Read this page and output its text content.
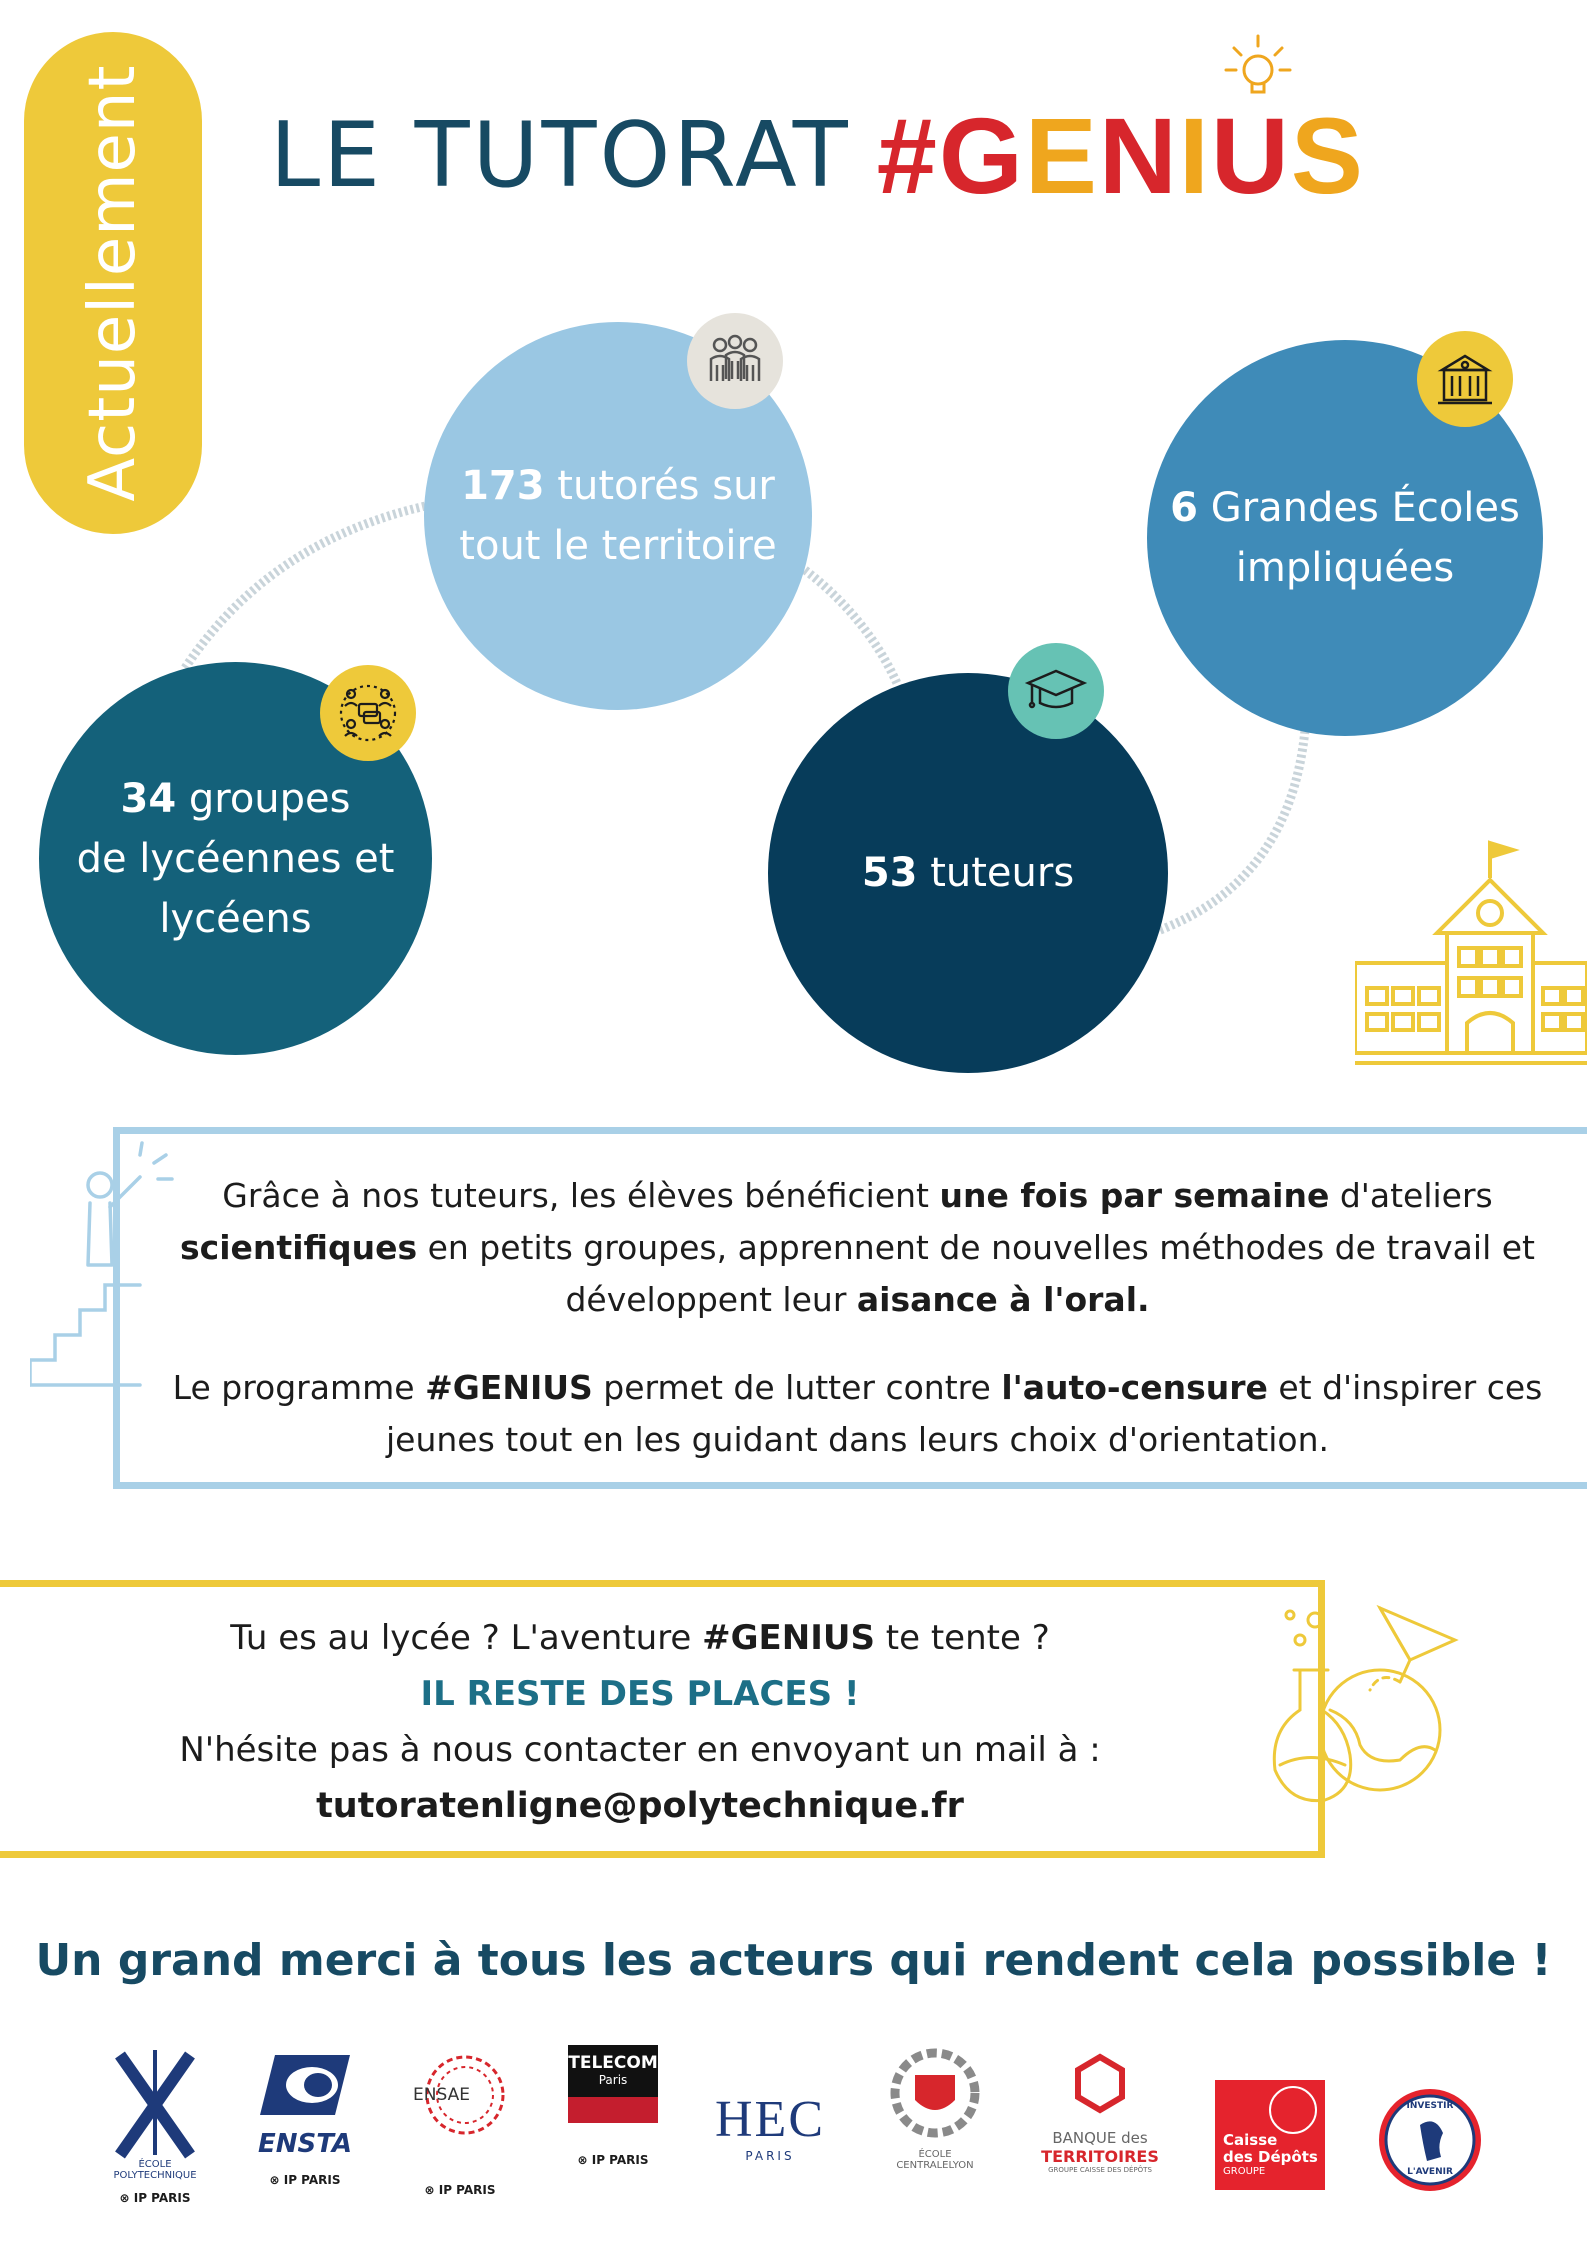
Actuellement LE TUTORAT #GENIUS
173 tutorés sur
tout le territoire
6 Grandes Écoles
impliquées
34 groupes
de lycéennes et
lycéens
53 tuteurs

Grâce à nos tuteurs, les élèves bénéficient une fois par semaine d'ateliers scientifiques en petits groupes, apprennent de nouvelles méthodes de travail et développent leur aisance à l'oral.

Le programme #GENIUS permet de lutter contre l'auto-censure et d'inspirer ces jeunes tout en les guidant dans leurs choix d'orientation.

Tu es au lycée ? L'aventure #GENIUS te tente ?
IL RESTE DES PLACES !
N'hésite pas à nous contacter en envoyant un mail à :
tutoratenligne@polytechnique.fr
Un grand merci à tous les acteurs qui rendent cela possible !
ÉCOLE
POLYTECHNIQUE
⊗ IP PARIS
ENSTA
⊗ IP PARIS
ENSAE
⊗ IP PARIS
TELECOM
Paris
⊗ IP PARIS
HEC
PARIS	ÉCOLE
CENTRALELYON
BANQUE des
TERRITOIRES
GROUPE CAISSE DES DÉPÔTS
Caisse
des Dépôts
GROUPE
INVESTIR
L'AVENIR
